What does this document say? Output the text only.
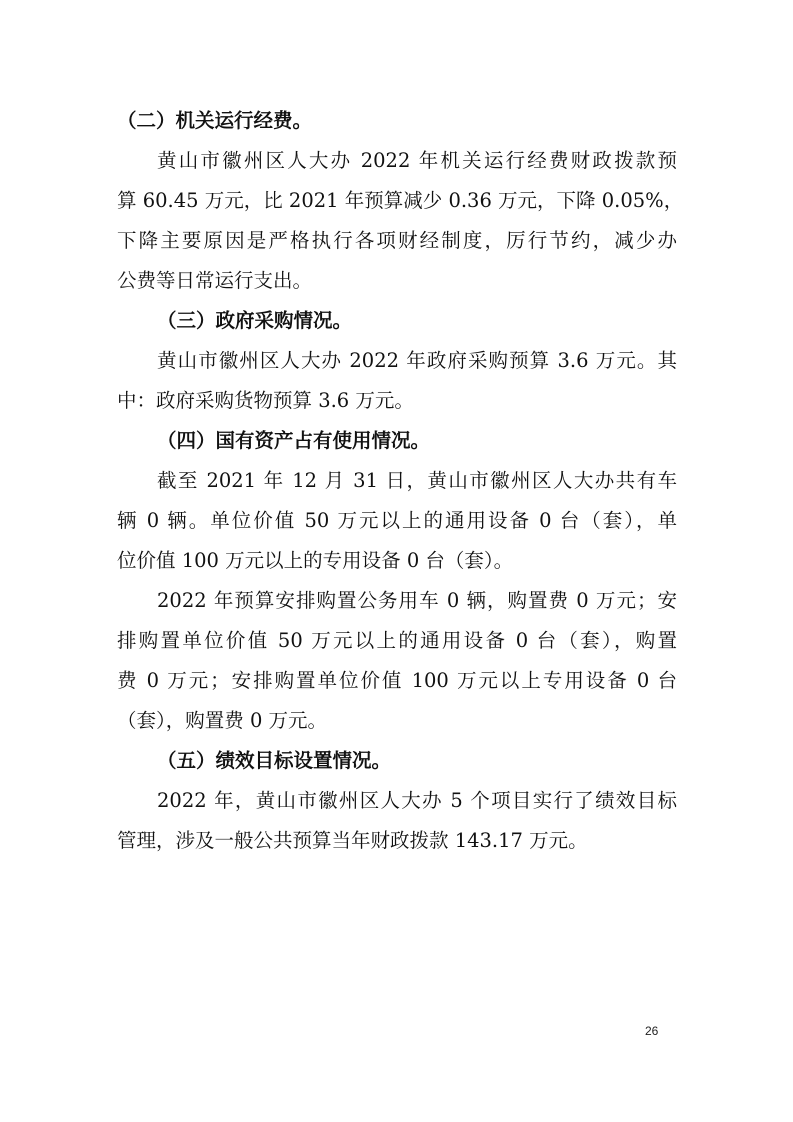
（二）机关运行经费。
黄山市徽州区人大办 2022 年机关运行经费财政拨款预
算 60.45 万元，比 2021 年预算减少 0.36 万元，下降 0.05%，
下降主要原因是严格执行各项财经制度，厉行节约，减少办
公费等日常运行支出。
（三）政府采购情况。
黄山市徽州区人大办 2022 年政府采购预算 3.6 万元。其
中：政府采购货物预算 3.6 万元。
（四）国有资产占有使用情况。
截至 2021 年 12 月 31 日，黄山市徽州区人大办共有车
辆 0 辆。单位价值 50 万元以上的通用设备 0 台（套），单
位价值 100 万元以上的专用设备 0 台（套）。
2022 年预算安排购置公务用车 0 辆，购置费 0 万元；安
排购置单位价值 50 万元以上的通用设备 0 台（套），购置
费 0 万元；安排购置单位价值 100 万元以上专用设备 0 台
（套），购置费 0 万元。
（五）绩效目标设置情况。
2022 年，黄山市徽州区人大办 5 个项目实行了绩效目标
管理，涉及一般公共预算当年财政拨款 143.17 万元。
26
